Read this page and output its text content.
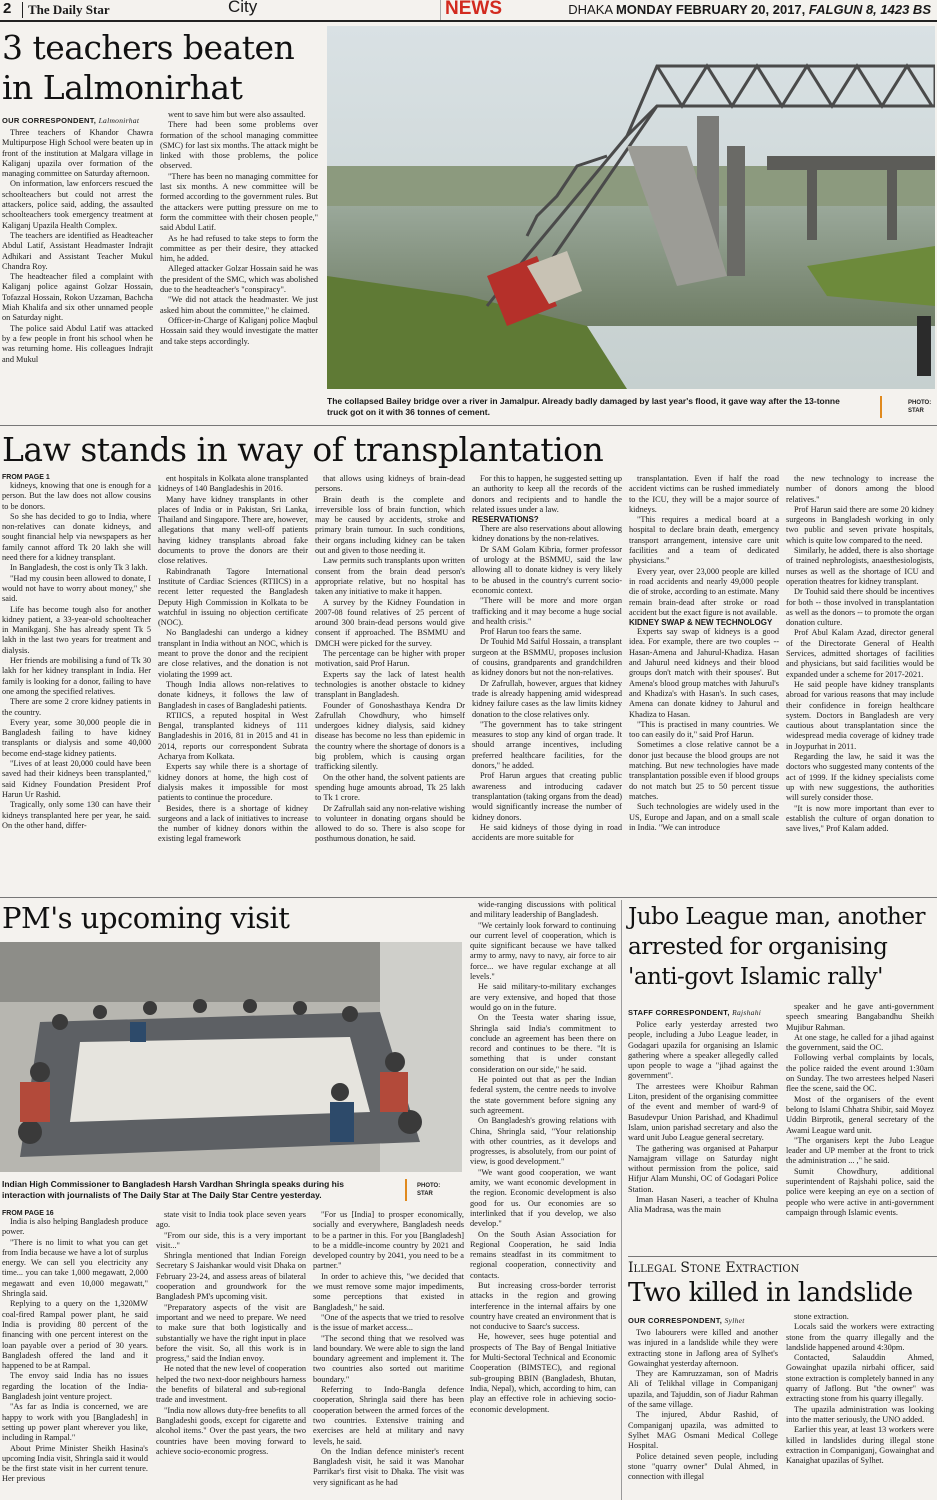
2	The Daily Star	City	NEWS	DHAKA MONDAY FEBRUARY 20, 2017, FALGUN 8, 1423 BS
3 teachers beaten in Lalmonirhat
OUR CORRESPONDENT, Lalmonirhat

Three teachers of Khandor Chawra Multipurpose High School were beaten up in front of the institution at Malgara village in Kaliganj upazila over formation of the managing committee on Saturday afternoon.

On information, law enforcers rescued the schoolteachers but could not arrest the attackers, police said, adding, the assaulted schoolteachers took emergency treatment at Kaliganj Upazila Health Complex.

The teachers are identified as Headteacher Abdul Latif, Assistant Headmaster Indrajit Adhikari and Assistant Teacher Mukul Chandra Roy.

The headteacher filed a complaint with Kaliganj police against Golzar Hossain, Tofazzal Hossain, Rokon Uzzaman, Bachcha Miah Khalifa and six other unnamed people on Saturday night.

The police said Abdul Latif was attacked by a few people in front his school when he was returning home. His colleagues Indrajit and Mukul

went to save him but were also assaulted.

There had been some problems over formation of the school managing committee (SMC) for last six months. The attack might be linked with those problems, the police observed.

"There has been no managing committee for last six months. A new committee will be formed according to the government rules. But the attackers were putting pressure on me to form the committee with their chosen people," said Abdul Latif.

As he had refused to take steps to form the committee as per their desire, they attacked him, he added.

Alleged attacker Golzar Hossain said he was the president of the SMC, which was abolished due to the headteacher's "conspiracy".

"We did not attack the headmaster. We just asked him about the committee," he claimed.

Officer-in-Charge of Kaliganj police Maqbul Hossain said they would investigate the matter and take steps accordingly.

The collapsed Bailey bridge over a river in Jamalpur. Already badly damaged by last year's flood, it gave way after the 13-tonne truck got on it with 36 tonnes of cement.
PHOTO:
STAR
Law stands in way of transplantation

FROM PAGE 1

kidneys, knowing that one is enough for a person. But the law does not allow cousins to be donors.

So she has decided to go to India, where non-relatives can donate kidneys, and sought financial help via newspapers as her family cannot afford Tk 20 lakh she will need there for a kidney transplant.

In Bangladesh, the cost is only Tk 3 lakh.

"Had my cousin been allowed to donate, I would not have to worry about money," she said.

Life has become tough also for another kidney patient, a 33-year-old schoolteacher in Manikganj. She has already spent Tk 5 lakh in the last two years for treatment and dialysis.

Her friends are mobilising a fund of Tk 30 lakh for her kidney transplant in India. Her family is looking for a donor, failing to have one among the specified relatives.

There are some 2 crore kidney patients in the country.

Every year, some 30,000 people die in Bangladesh failing to have kidney transplants or dialysis and some 40,000 become end-stage kidney patients.

"Lives of at least 20,000 could have been saved had their kidneys been transplanted," said Kidney Foundation President Prof Harun Ur Rashid.

Tragically, only some 130 can have their kidneys transplanted here per year, he said. On the other hand, differ-

ent hospitals in Kolkata alone transplanted kidneys of 140 Bangladeshis in 2016.

Many have kidney transplants in other places of India or in Pakistan, Sri Lanka, Thailand and Singapore. There are, however, allegations that many well-off patients having kidney transplants abroad fake documents to prove the donors are their close relatives.

Rabindranath Tagore International Institute of Cardiac Sciences (RTIICS) in a recent letter requested the Bangladesh Deputy High Commission in Kolkata to be watchful in issuing no objection certificate (NOC).

No Bangladeshi can undergo a kidney transplant in India without an NOC, which is meant to prove the donor and the recipient are close relatives, and the donation is not violating the 1999 act.

Though India allows non-relatives to donate kidneys, it follows the law of Bangladesh in cases of Bangladeshi patients.

RTIICS, a reputed hospital in West Bengal, transplanted kidneys of 111 Bangladeshis in 2016, 81 in 2015 and 41 in 2014, reports our correspondent Subrata Acharya from Kolkata.

Experts say while there is a shortage of kidney donors at home, the high cost of dialysis makes it impossible for most patients to continue the procedure.

Besides, there is a shortage of kidney surgeons and a lack of initiatives to increase the number of kidney donors within the existing legal framework

that allows using kidneys of brain-dead persons.

Brain death is the complete and irreversible loss of brain function, which may be caused by accidents, stroke and primary brain tumour. In such conditions, their organs including kidney can be taken out and given to those needing it.

Law permits such transplants upon written consent from the brain dead person's appropriate relative, but no hospital has taken any initiative to make it happen.

A survey by the Kidney Foundation in 2007-08 found relatives of 25 percent of around 300 brain-dead persons would give consent if approached. The BSMMU and DMCH were picked for the survey.

The percentage can be higher with proper motivation, said Prof Harun.

Experts say the lack of latest health technologies is another obstacle to kidney transplant in Bangladesh.

Founder of Gonoshasthaya Kendra Dr Zafrullah Chowdhury, who himself undergoes kidney dialysis, said kidney disease has become no less than epidemic in the country where the shortage of donors is a big problem, which is causing organ trafficking silently.

On the other hand, the solvent patients are spending huge amounts abroad, Tk 25 lakh to Tk 1 crore.

Dr Zafrullah said any non-relative wishing to volunteer in donating organs should be allowed to do so. There is also scope for posthumous donation, he said.

For this to happen, he suggested setting up an authority to keep all the records of the donors and recipients and to handle the related issues under a law.

RESERVATIONS?

There are also reservations about allowing kidney donations by the non-relatives.

Dr SAM Golam Kibria, former professor of urology at the BSMMU, said the law allowing all to donate kidney is very likely to be abused in the country's current socio-economic context.

"There will be more and more organ trafficking and it may become a huge social and health crisis."

Prof Harun too fears the same.

Dr Touhid Md Saiful Hossain, a transplant surgeon at the BSMMU, proposes inclusion of cousins, grandparents and grandchildren as kidney donors but not the non-relatives.

Dr Zafrullah, however, argues that kidney trade is already happening amid widespread kidney failure cases as the law limits kidney donation to the close relatives only.

"The government has to take stringent measures to stop any kind of organ trade. It should arrange incentives, including preferred healthcare facilities, for the donors," he added.

Prof Harun argues that creating public awareness and introducing cadaver transplantation (taking organs from the dead) would significantly increase the number of kidney donors.

He said kidneys of those dying in road accidents are more suitable for

transplantation. Even if half the road accident victims can be rushed immediately to the ICU, they will be a major source of kidneys.

"This requires a medical board at a hospital to declare brain death, emergency transport arrangement, intensive care unit facilities and a team of dedicated physicians."

Every year, over 23,000 people are killed in road accidents and nearly 49,000 people die of stroke, according to an estimate. Many remain brain-dead after stroke or road accident but the exact figure is not available.

KIDNEY SWAP & NEW TECHNOLOGY

Experts say swap of kidneys is a good idea. For example, there are two couples -- Hasan-Amena and Jahurul-Khadiza. Hasan and Jahurul need kidneys and their blood groups don't match with their spouses'. But Amena's blood group matches with Jahurul's and Khadiza's with Hasan's. In such cases, Amena can donate kidney to Jahurul and Khadiza to Hasan.

"This is practised in many countries. We too can easily do it," said Prof Harun.

Sometimes a close relative cannot be a donor just because the blood groups are not matching. But new technologies have made transplantation possible even if blood groups do not match but 25 to 50 percent tissue matches.

Such technologies are widely used in the US, Europe and Japan, and on a small scale in India. "We can introduce

the new technology to increase the number of donors among the blood relatives."

Prof Harun said there are some 20 kidney surgeons in Bangladesh working in only two public and seven private hospitals, which is quite low compared to the need.

Similarly, he added, there is also shortage of trained nephrologists, anaesthesiologists, nurses as well as the shortage of ICU and operation theatres for kidney transplant.

Dr Touhid said there should be incentives for both -- those involved in transplantation as well as the donors -- to promote the organ donation culture.

Prof Abul Kalam Azad, director general of the Directorate General of Health Services, admitted shortages of facilities and physicians, but said facilities would be expanded under a scheme for 2017-2021.

He said people have kidney transplants abroad for various reasons that may include their confidence in foreign healthcare system. Doctors in Bangladesh are very cautious about transplantation since the widespread media coverage of kidney trade in Joypurhat in 2011.

Regarding the law, he said it was the doctors who suggested many contents of the act of 1999. If the kidney specialists come up with new suggestions, the authorities will surely consider those.

"It is now more important than ever to establish the culture of organ donation to save lives," Prof Kalam added.

PM's upcoming visit
Indian High Commissioner to Bangladesh Harsh Vardhan Shringla speaks during his interaction with journalists of The Daily Star at The Daily Star Centre yesterday.
PHOTO:
STAR

FROM PAGE 16

India is also helping Bangladesh produce power.

"There is no limit to what you can get from India because we have a lot of surplus energy. We can sell you electricity any time... you can take 1,000 megawatt, 2,000 megawatt and even 10,000 megawatt," Shringla said.

Replying to a query on the 1,320MW coal-fired Rampal power plant, he said India is providing 80 percent of the financing with one percent interest on the loan payable over a period of 30 years. Bangladesh offered the land and it happened to be at Rampal.

The envoy said India has no issues regarding the location of the India-Bangladesh joint venture project.

"As far as India is concerned, we are happy to work with you [Bangladesh] in setting up power plant wherever you like, including in Rampal."

About Prime Minister Sheikh Hasina's upcoming India visit, Shringla said it would be the first state visit in her current tenure. Her previous

state visit to India took place seven years ago.

"From our side, this is a very important visit..."

Shringla mentioned that Indian Foreign Secretary S Jaishankar would visit Dhaka on February 23-24, and assess areas of bilateral cooperation and groundwork for the Bangladesh PM's upcoming visit.

"Preparatory aspects of the visit are important and we need to prepare. We need to make sure that both logistically and substantially we have the right input in place before the visit. So, all this work is in progress," said the Indian envoy.

He noted that the new level of cooperation helped the two next-door neighbours harness the benefits of bilateral and sub-regional trade and investment.

"India now allows duty-free benefits to all Bangladeshi goods, except for cigarette and alcohol items." Over the past years, the two countries have been moving forward to achieve socio-economic progress.

"For us [India] to prosper economically, socially and everywhere, Bangladesh needs to be a partner in this. For you [Bangladesh] to be a middle-income country by 2021 and developed country by 2041, you need to be a partner."

In order to achieve this, "we decided that we must remove some major impediments, some perceptions that existed in Bangladesh," he said.

"One of the aspects that we tried to resolve is the issue of market access...

"The second thing that we resolved was land boundary. We were able to sign the land boundary agreement and implement it. The two countries also sorted out maritime boundary."

Referring to Indo-Bangla defence cooperation, Shringla said there has been cooperation between the armed forces of the two countries. Extensive training and exercises are held at military and navy levels, he said.

On the Indian defence minister's recent Bangladesh visit, he said it was Manohar Parrikar's first visit to Dhaka. The visit was very significant as he had

wide-ranging discussions with political and military leadership of Bangladesh.

"We certainly look forward to continuing our current level of cooperation, which is quite significant because we have talked army to army, navy to navy, air force to air force... we have regular exchange at all levels."

He said military-to-military exchanges are very extensive, and hoped that those would go on in the future.

On the Teesta water sharing issue, Shringla said India's commitment to conclude an agreement has been there on record and continues to be there. "It is something that is under constant consideration on our side," he said.

He pointed out that as per the Indian federal system, the centre needs to involve the state government before signing any such agreement.

On Bangladesh's growing relations with China, Shringla said, "Your relationship with other countries, as it develops and progresses, is absolutely, from our point of view, is good development."

"We want good cooperation, we want amity, we want economic development in the region. Economic development is also good for us. Our economies are so interlinked that if you develop, we also develop."

On the South Asian Association for Regional Cooperation, he said India remains steadfast in its commitment to regional cooperation, connectivity and contacts.

But increasing cross-border terrorist attacks in the region and growing interference in the internal affairs by one country have created an environment that is not conducive to Saarc's success.

He, however, sees huge potential and prospects of The Bay of Bengal Initiative for Multi-Sectoral Technical and Economic Cooperation (BIMSTEC), and regional sub-grouping BBIN (Bangladesh, Bhutan, India, Nepal), which, according to him, can play an effective role in achieving socio-economic development.

Jubo League man, another arrested for organising 'anti-govt Islamic rally'
STAFF CORRESPONDENT, Rajshahi

Police early yesterday arrested two people, including a Jubo League leader, in Godagari upazila for organising an Islamic gathering where a speaker allegedly called upon people to wage a "jihad against the government".

The arrestees were Khoibur Rahman Liton, president of the organising committee of the event and member of ward-9 of Basudevpur Union Parishad, and Khadimul Islam, union parishad secretary and also the ward unit Jubo League general secretary.

The gathering was organised at Paharpur Namajgram village on Saturday night without permission from the police, said Hifjur Alam Munshi, OC of Godagari Police Station.

Iman Hasan Naseri, a teacher of Khulna Alia Madrasa, was the main

speaker and he gave anti-government speech smearing Bangabandhu Sheikh Mujibur Rahman.

At one stage, he called for a jihad against the government, said the OC.

Following verbal complaints by locals, the police raided the event around 1:30am on Sunday. The two arrestees helped Naseri flee the scene, said the OC.

Most of the organisers of the event belong to Islami Chhatra Shibir, said Moyez Uddin Birprotik, general secretary of the Awami League ward unit.

"The organisers kept the Jubo League leader and UP member at the front to trick the administration ... ," he said.

Sumit Chowdhury, additional superintendent of Rajshahi police, said the police were keeping an eye on a section of people who were active in anti-government campaign through Islamic events.

Illegal Stone Extraction
Two killed in landslide
OUR CORRESPONDENT, Sylhet

Two labourers were killed and another was injured in a landslide while they were extracting stone in Jaflong area of Sylhet's Gowainghat yesterday afternoon.

They are Kamruzzaman, son of Madris Ali of Telikhal village in Companiganj upazila, and Tajuddin, son of Jiadur Rahman of the same village.

The injured, Abdur Rashid, of Companiganj upazila, was admitted to Sylhet MAG Osmani Medical College Hospital.

Police detained seven people, including stone "quarry owner" Dulal Ahmed, in connection with illegal

stone extraction.

Locals said the workers were extracting stone from the quarry illegally and the landslide happened around 4:30pm.

Contacted, Salauddin Ahmed, Gowainghat upazila nirbahi officer, said stone extraction is completely banned in any quarry of Jaflong. But "the owner" was extracting stone from his quarry illegally.

The upazila administration was looking into the matter seriously, the UNO added.

Earlier this year, at least 13 workers were killed in landslides during illegal stone extraction in Companiganj, Gowainghat and Kanaighat upazilas of Sylhet.
